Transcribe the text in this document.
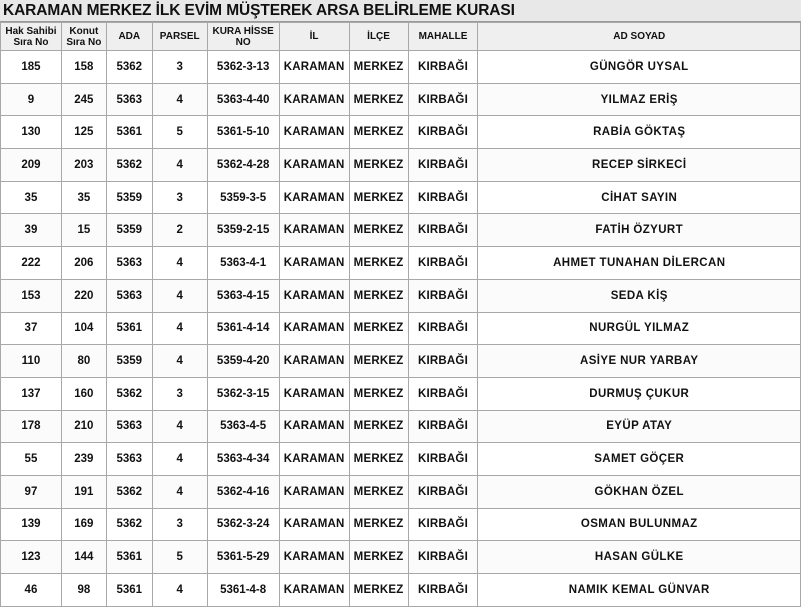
KARAMAN MERKEZ İLK EVİM MÜŞTEREK ARSA BELİRLEME KURASI
Hak Sahibi Sıra No	Konut Sıra No	ADA	PARSEL	KURA HİSSE NO	İL	İLÇE	MAHALLE	AD SOYAD
185	158	5362	3	5362-3-13	KARAMAN	MERKEZ	KIRBAĞI	GÜNGÖR UYSAL
9	245	5363	4	5363-4-40	KARAMAN	MERKEZ	KIRBAĞI	YILMAZ ERİŞ
130	125	5361	5	5361-5-10	KARAMAN	MERKEZ	KIRBAĞI	RABİA GÖKTAŞ
209	203	5362	4	5362-4-28	KARAMAN	MERKEZ	KIRBAĞI	RECEP SİRKECİ
35	35	5359	3	5359-3-5	KARAMAN	MERKEZ	KIRBAĞI	CİHAT SAYIN
39	15	5359	2	5359-2-15	KARAMAN	MERKEZ	KIRBAĞI	FATİH ÖZYURT
222	206	5363	4	5363-4-1	KARAMAN	MERKEZ	KIRBAĞI	AHMET TUNAHAN DİLERCAN
153	220	5363	4	5363-4-15	KARAMAN	MERKEZ	KIRBAĞI	SEDA KİŞ
37	104	5361	4	5361-4-14	KARAMAN	MERKEZ	KIRBAĞI	NURGÜL YILMAZ
110	80	5359	4	5359-4-20	KARAMAN	MERKEZ	KIRBAĞI	ASİYE NUR YARBAY
137	160	5362	3	5362-3-15	KARAMAN	MERKEZ	KIRBAĞI	DURMUŞ ÇUKUR
178	210	5363	4	5363-4-5	KARAMAN	MERKEZ	KIRBAĞI	EYÜP ATAY
55	239	5363	4	5363-4-34	KARAMAN	MERKEZ	KIRBAĞI	SAMET GÖÇER
97	191	5362	4	5362-4-16	KARAMAN	MERKEZ	KIRBAĞI	GÖKHAN ÖZEL
139	169	5362	3	5362-3-24	KARAMAN	MERKEZ	KIRBAĞI	OSMAN BULUNMAZ
123	144	5361	5	5361-5-29	KARAMAN	MERKEZ	KIRBAĞI	HASAN GÜLKE
46	98	5361	4	5361-4-8	KARAMAN	MERKEZ	KIRBAĞI	NAMIK KEMAL GÜNVAR
